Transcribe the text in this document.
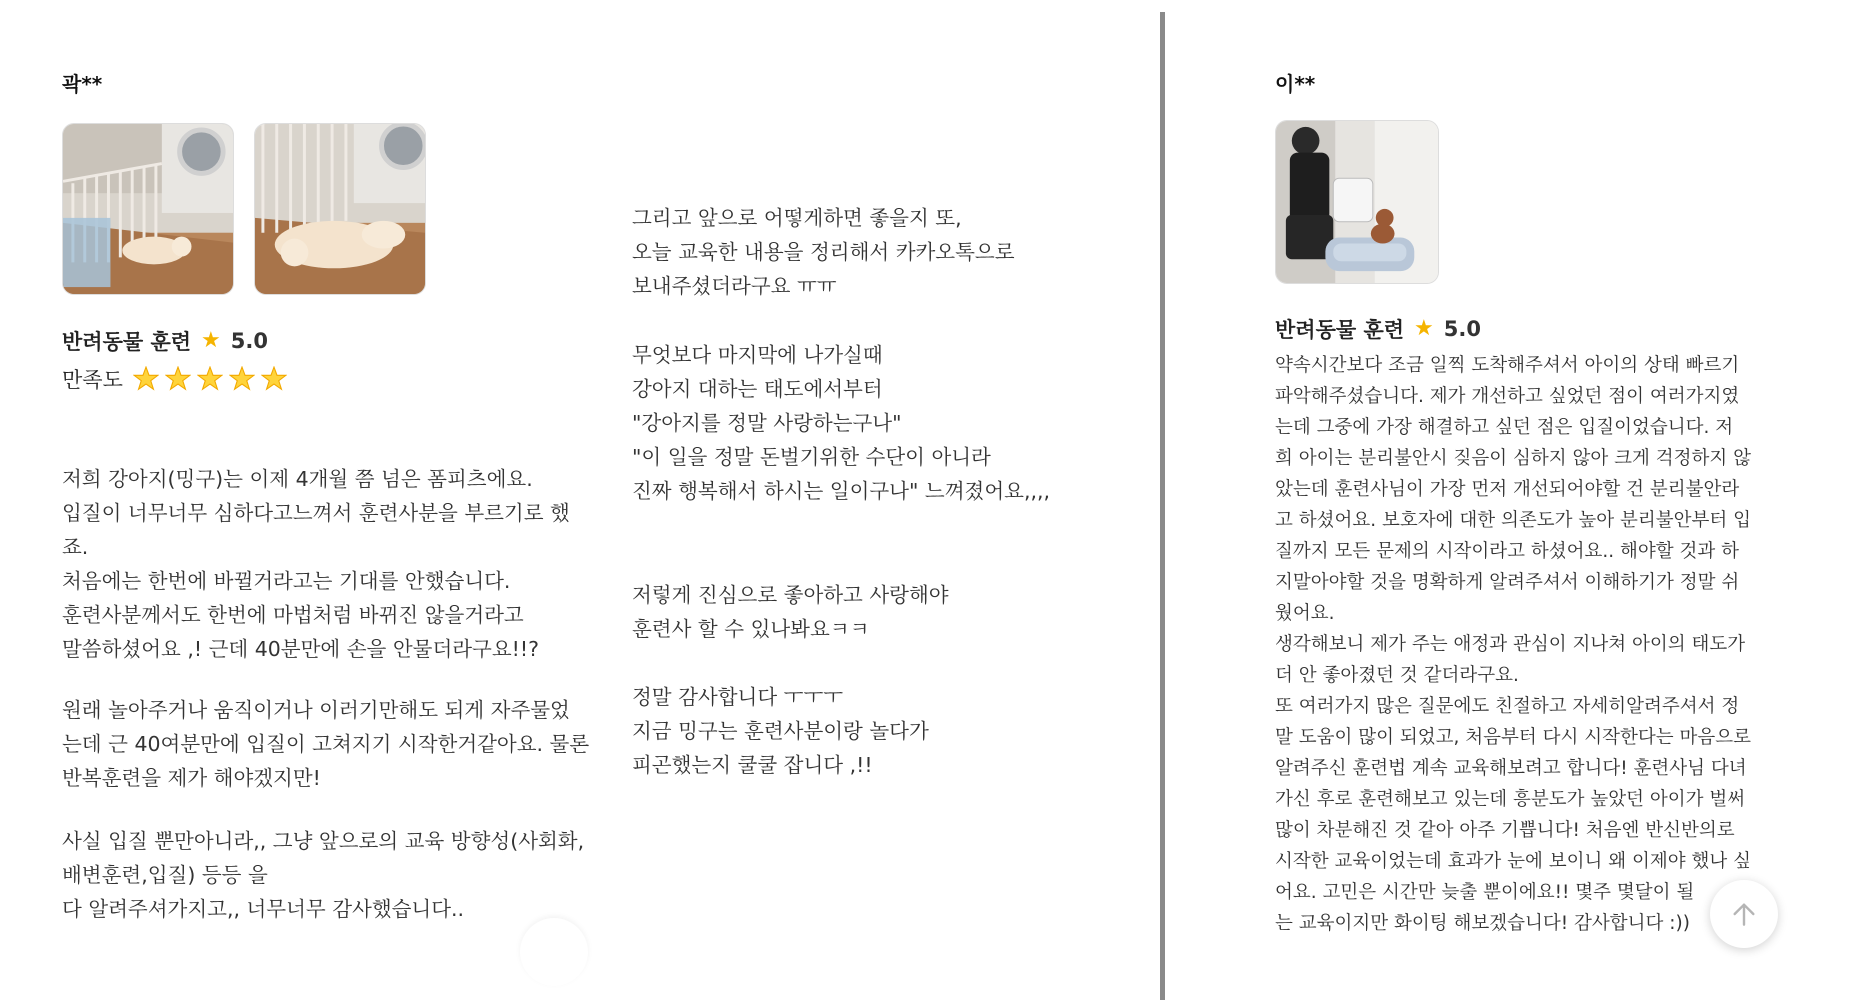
곽**
반려동물 훈련 ★ 5.0
만족도
저희 강아지(밍구)는 이제 4개월 쯤 넘은 폼피츠에요.
입질이 너무너무 심하다고느껴서 훈련사분을 부르기로 했
죠.
처음에는 한번에 바뀔거라고는 기대를 안했습니다.
훈련사분께서도 한번에 마법처럼 바뀌진 않을거라고
말씀하셨어요 ,! 근데 40분만에 손을 안물더라구요!!?
원래 놀아주거나 움직이거나 이러기만해도 되게 자주물었
는데 근 40여분만에 입질이 고쳐지기 시작한거같아요. 물론
반복훈련을 제가 해야겠지만!
사실 입질 뿐만아니라,, 그냥 앞으로의 교육 방향성(사회화,
배변훈련,입질) 등등 을
다 알려주셔가지고,, 너무너무 감사했습니다..
그리고 앞으로 어떻게하면 좋을지 또,
오늘 교육한 내용을 정리해서 카카오톡으로
보내주셨더라구요 ㅠㅠ
무엇보다 마지막에 나가실때
강아지 대하는 태도에서부터
"강아지를 정말 사랑하는구나"
"이 일을 정말 돈벌기위한 수단이 아니라
진짜 행복해서 하시는 일이구나" 느껴졌어요,,,,
저렇게 진심으로 좋아하고 사랑해야
훈련사 할 수 있나봐요ㅋㅋ
정말 감사합니다 ㅜㅜㅜ
지금 밍구는 훈련사분이랑 놀다가
피곤했는지 쿨쿨 잡니다 ,!!
이**
반려동물 훈련 ★ 5.0
약속시간보다 조금 일찍 도착해주셔서 아이의 상태 빠르기
파악해주셨습니다. 제가 개선하고 싶었던 점이 여러가지였
는데 그중에 가장 해결하고 싶던 점은 입질이었습니다. 저
희 아이는 분리불안시 짖음이 심하지 않아 크게 걱정하지 않
았는데 훈련사님이 가장 먼저 개선되어야할 건 분리불안라
고 하셨어요. 보호자에 대한 의존도가 높아 분리불안부터 입
질까지 모든 문제의 시작이라고 하셨어요.. 해야할 것과 하
지말아야할 것을 명확하게 알려주셔서 이해하기가 정말 쉬
웠어요.
생각해보니 제가 주는 애정과 관심이 지나쳐 아이의 태도가
더 안 좋아졌던 것 같더라구요.
또 여러가지 많은 질문에도 친절하고 자세히알려주셔서 정
말 도움이 많이 되었고, 처음부터 다시 시작한다는 마음으로
알려주신 훈련법 계속 교육해보려고 합니다! 훈련사님 다녀
가신 후로 훈련해보고 있는데 흥분도가 높았던 아이가 벌써
많이 차분해진 것 같아 아주 기쁩니다! 처음엔 반신반의로
시작한 교육이었는데 효과가 눈에 보이니 왜 이제야 했나 싶
어요. 고민은 시간만 늦출 뿐이에요!! 몇주 몇달이 될
는 교육이지만 화이팅 해보겠습니다! 감사합니다 :))
